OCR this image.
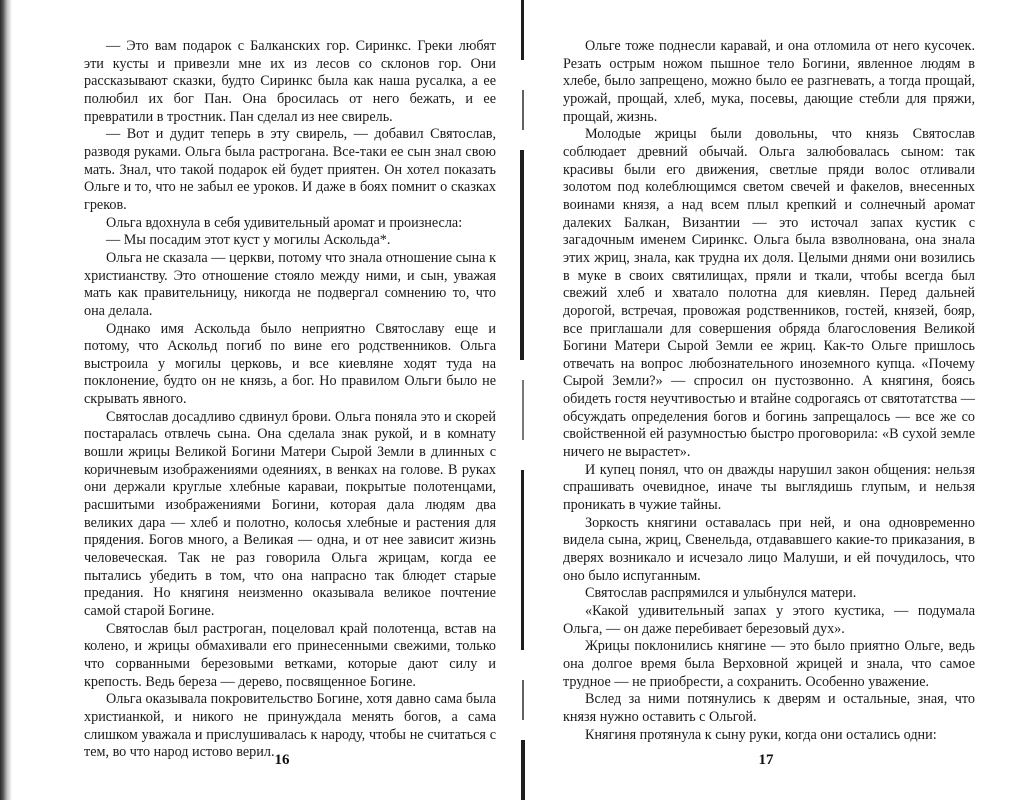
— Это вам подарок с Балканских гор. Сиринкс. Греки любят эти кусты и привезли мне их из лесов со склонов гор. Они рассказывают сказки, будто Сиринкс была как наша русалка, а ее полюбил их бог Пан. Она бросилась от него бежать, и ее превратили в тростник. Пан сделал из нее свирель.

— Вот и дудит теперь в эту свирель, — добавил Святослав, разводя руками. Ольга была растрогана. Все-таки ее сын знал свою мать. Знал, что такой подарок ей будет приятен. Он хотел показать Ольге и то, что не забыл ее уроков. И даже в боях помнит о сказках греков.

Ольга вдохнула в себя удивительный аромат и произнесла:

— Мы посадим этот куст у могилы Аскольда*.

Ольга не сказала — церкви, потому что знала отношение сына к христианству. Это отношение стояло между ними, и сын, уважая мать как правительницу, никогда не подвергал сомнению то, что она делала.

Однако имя Аскольда было неприятно Святославу еще и потому, что Аскольд погиб по вине его родственников. Ольга выстроила у могилы церковь, и все киевляне ходят туда на поклонение, будто он не князь, а бог. Но правилом Ольги было не скрывать явного.

Святослав досадливо сдвинул брови. Ольга поняла это и скорей постаралась отвлечь сына. Она сделала знак рукой, и в комнату вошли жрицы Великой Богини Матери Сырой Земли в длинных с коричневым изображениями одеяниях, в венках на голове. В руках они держали круглые хлебные караваи, покрытые полотенцами, расшитыми изображениями Богини, которая дала людям два великих дара — хлеб и полотно, колосья хлебные и растения для прядения. Богов много, а Великая — одна, и от нее зависит жизнь человеческая. Так не раз говорила Ольга жрицам, когда ее пытались убедить в том, что она напрасно так блюдет старые предания. Но княгиня неизменно оказывала великое почтение самой старой Богине.

Святослав был растроган, поцеловал край полотенца, встав на колено, и жрицы обмахивали его принесенными свежими, только что сорванными березовыми ветками, которые дают силу и крепость. Ведь береза — дерево, посвященное Богине.

Ольга оказывала покровительство Богине, хотя давно сама была христианкой, и никого не принуждала менять богов, а сама слишком уважала и прислушивалась к народу, чтобы не считаться с тем, во что народ истово верил.

Ольге тоже поднесли каравай, и она отломила от него кусочек. Резать острым ножом пышное тело Богини, явленное людям в хлебе, было запрещено, можно было ее разгневать, а тогда прощай, урожай, прощай, хлеб, мука, посевы, дающие стебли для пряжи, прощай, жизнь.

Молодые жрицы были довольны, что князь Святослав соблюдает древний обычай. Ольга залюбовалась сыном: так красивы были его движения, светлые пряди волос отливали золотом под колеблющимся светом свечей и факелов, внесенных воинами князя, а над всем плыл крепкий и солнечный аромат далеких Балкан, Византии — это источал запах кустик с загадочным именем Сиринкс. Ольга была взволнована, она знала этих жриц, знала, как трудна их доля. Целыми днями они возились в муке в своих святилищах, пряли и ткали, чтобы всегда был свежий хлеб и хватало полотна для киевлян. Перед дальней дорогой, встречая, провожая родственников, гостей, князей, бояр, все приглашали для совершения обряда благословения Великой Богини Матери Сырой Земли ее жриц. Как-то Ольге пришлось отвечать на вопрос любознательного иноземного купца. «Почему Сырой Земли?» — спросил он пустозвонно. А княгиня, боясь обидеть гостя неучтивостью и втайне содрогаясь от святотатства — обсуждать определения богов и богинь запрещалось — все же со свойственной ей разумностью быстро проговорила: «В сухой земле ничего не вырастет».

И купец понял, что он дважды нарушил закон общения: нельзя спрашивать очевидное, иначе ты выглядишь глупым, и нельзя проникать в чужие тайны.

Зоркость княгини оставалась при ней, и она одновременно видела сына, жриц, Свенельда, отдававшего какие-то приказания, в дверях возникало и исчезало лицо Малуши, и ей почудилось, что оно было испуганным.

Святослав распрямился и улыбнулся матери.

«Какой удивительный запах у этого кустика, — подумала Ольга, — он даже перебивает березовый дух».

Жрицы поклонились княгине — это было приятно Ольге, ведь она долгое время была Верховной жрицей и знала, что самое трудное — не приобрести, а сохранить. Особенно уважение.

Вслед за ними потянулись к дверям и остальные, зная, что князя нужно оставить с Ольгой.

Княгиня протянула к сыну руки, когда они остались одни:

16	17
